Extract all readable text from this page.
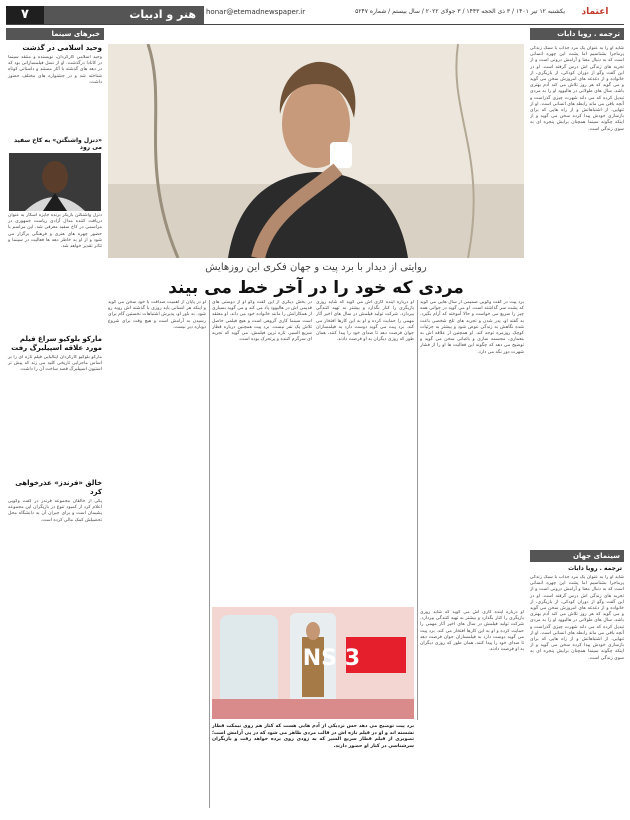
۷	هنر و ادبیات	honar@etemadnewspaper.ir	یکشنبه ۱۲ تیر ۱۴۰۱ / ۳ ذی الحجه ۱۴۴۳ / ۳ جولای ۲۰۲۲ / سال بیستم / شماره ۵۲۴۷	اعتماد
ترجمه . رویا دابات
شاید او را به عنوان یک مرد جذاب با سبک زندگی پرماجرا بشناسیم اما پشت این چهره انسانی است که به دنبال معنا و آرامش درونی است و از تجربه های زندگی اش درس گرفته است. او در این گفت وگو از دوران کودکی، از بازیگری، از خانواده و از دغدغه های امروزش سخن می گوید و می گوید که هر روز تلاش می کند آدم بهتری باشد. سال های طولانی در هالیوود او را به مردی تبدیل کرده که می داند شهرت چیزی گذراست و آنچه باقی می ماند رابطه های انسانی است. او از تنهایی، از اشتباهاتش و از راه هایی که برای بازسازی خودش پیدا کرده سخن می گوید و از اینکه چگونه سینما همچنان برایش پنجره ای به سوی زندگی است.
سینمای جهان
ترجمه . رویا دابات
شاید او را به عنوان یک مرد جذاب با سبک زندگی پرماجرا بشناسیم اما پشت این چهره انسانی است که به دنبال معنا و آرامش درونی است و از تجربه های زندگی اش درس گرفته است. او در این گفت وگو از دوران کودکی، از بازیگری، از خانواده و از دغدغه های امروزش سخن می گوید و می گوید که هر روز تلاش می کند آدم بهتری باشد. سال های طولانی در هالیوود او را به مردی تبدیل کرده که می داند شهرت چیزی گذراست و آنچه باقی می ماند رابطه های انسانی است. او از تنهایی، از اشتباهاتش و از راه هایی که برای بازسازی خودش پیدا کرده سخن می گوید و از اینکه چگونه سینما همچنان برایش پنجره ای به سوی زندگی است.
خبرهای سینما
وحید اسلامی در گذشت
وحید اسلامی کارگردان، نویسنده و منتقد سینما در کانادا درگذشت. او از نسل فیلمسازانی بود که در دهه های گذشته با آثار مستند و داستانی کوتاه شناخته شد و در جشنواره های مختلف حضور داشت.
«دنزل واشنگتن» به کاخ سفید می رود
دنزل واشنگتن بازیگر برنده جایزه اسکار به عنوان دریافت کننده مدال آزادی ریاست جمهوری در مراسمی در کاخ سفید معرفی شد. این مراسم با حضور چهره های هنری و فرهنگی برگزار می شود و از او به خاطر دهه ها فعالیت در سینما و تئاتر تقدیر خواهد شد.
مارکو بلوکیو سراغ فیلم مورد علاقه اسپیلبرگ رفت
مارکو بلوکیو کارگردان ایتالیایی فیلم تازه ای را بر اساس ماجرایی تاریخی کلید می زند که پیش تر استیون اسپیلبرگ قصد ساخت آن را داشت.
خالق «فرندز» عذرخواهی کرد
یکی از خالقان مجموعه فرندز در گفت وگویی اعلام کرد از کمبود تنوع در بازیگران این مجموعه پشیمان است و برای جبران آن به دانشگاه محل تحصیلش کمک مالی کرده است.
روایتی از دیدار با برد پیت و جهان فکری این روزهایش
مردی که خود را در آخر خط می بیند
برد پیت در گفت وگویی صمیمی از سال هایی می گوید که پشت سر گذاشته است. او می گوید در جوانی همه چیز را سریع می خواست و حالا آموخته که آرام بگیرد. به گفته او، پدر شدن و تجربه های تلخ شخصی باعث شده نگاهش به زندگی عوض شود و بیشتر به جزئیات کوچک روزمره توجه کند. او همچنین از علاقه اش به معماری، مجسمه سازی و باغبانی سخن می گوید و توضیح می دهد که چگونه این فعالیت ها او را از فشار شهرت دور نگه می دارد.
او درباره آینده کاری اش می گوید که شاید روزی بازیگری را کنار بگذارد و بیشتر به تهیه کنندگی بپردازد. شرکت تولید فیلمش در سال های اخیر آثار مهمی را حمایت کرده و او به این کارها افتخار می کند. برد پیت می گوید دوست دارد به فیلمسازان جوان فرصت دهد تا صدای خود را پیدا کنند، همان طور که روزی دیگران به او فرصت دادند.
در بخش دیگری از این گفت وگو او از دوستی های قدیمی اش در هالیوود یاد می کند و می گوید بسیاری از همکارانش را مانند خانواده خود می داند. او معتقد است سینما کاری گروهی است و هیچ فیلمی حاصل تلاش یک نفر نیست. برد پیت همچنین درباره قطار سریع السیر، تازه ترین فیلمش، می گوید که تجربه ای سرگرم کننده و پرتحرک بوده است.
او در پایان از اهمیت صداقت با خود سخن می گوید و اینکه هر انسانی باید روزی با گذشته اش روبه رو شود. به باور او، پذیرش اشتباهات نخستین گام برای رسیدن به آرامش است و هیچ وقت برای شروع دوباره دیر نیست.
او درباره آینده کاری اش می گوید که شاید روزی بازیگری را کنار بگذارد و بیشتر به تهیه کنندگی بپردازد. شرکت تولید فیلمش در سال های اخیر آثار مهمی را حمایت کرده و او به این کارها افتخار می کند. برد پیت می گوید دوست دارد به فیلمسازان جوان فرصت دهد تا صدای خود را پیدا کنند، همان طور که روزی دیگران به او فرصت دادند.
3 NS
برد پیت توضیح می دهد حس نزدیکی از آدم هایی هست که کنار هم روی نیمکت قطار نشسته اند و او در فیلم تازه اش در قالب مردی ظاهر می شود که در پی آرامش است؛ تصویری از فیلم قطار سریع السیر که به زودی روی پرده خواهد رفت و بازیگران سرشناسی در کنار او حضور دارند.
